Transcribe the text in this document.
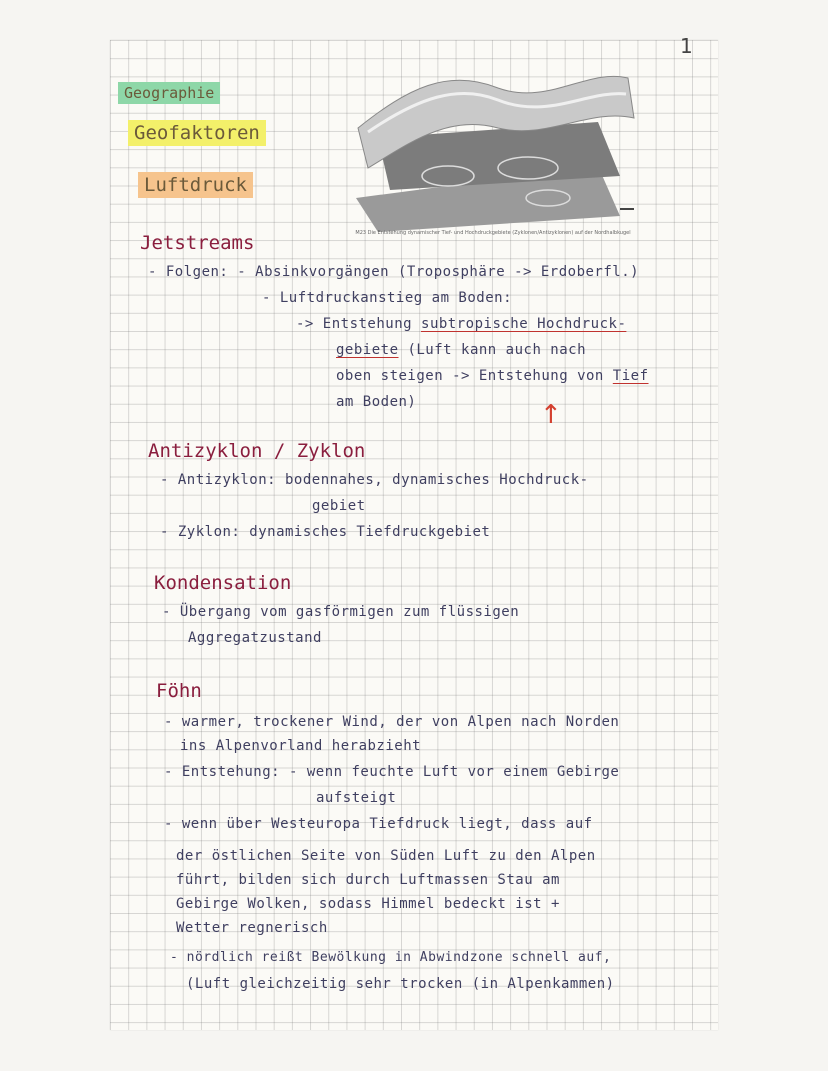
1
Geographie
Geofaktoren
Luftdruck
M23 Die Entstehung dynamischer Tief- und Hochdruckgebiete (Zyklonen/Antizyklonen) auf der Nordhalbkugel
Jetstreams
- Folgen: - Absinkvorgängen (Troposphäre -> Erdoberfl.)
- Luftdruckanstieg am Boden:
-> Entstehung subtropische Hochdruck-
gebiete (Luft kann auch nach
oben steigen -> Entstehung von Tief
am Boden)	↑
Antizyklon / Zyklon
- Antizyklon: bodennahes, dynamisches Hochdruck-
gebiet
- Zyklon: dynamisches Tiefdruckgebiet
Kondensation
- Übergang vom gasförmigen zum flüssigen
Aggregatzustand
Föhn
- warmer, trockener Wind, der von Alpen nach Norden
ins Alpenvorland herabzieht
- Entstehung: - wenn feuchte Luft vor einem Gebirge
aufsteigt
- wenn über Westeuropa Tiefdruck liegt, dass auf
der östlichen Seite von Süden Luft zu den Alpen
führt, bilden sich durch Luftmassen Stau am
Gebirge Wolken, sodass Himmel bedeckt ist +
Wetter regnerisch
- nördlich reißt Bewölkung in Abwindzone schnell auf,
(Luft gleichzeitig sehr trocken (in Alpenkammen)
